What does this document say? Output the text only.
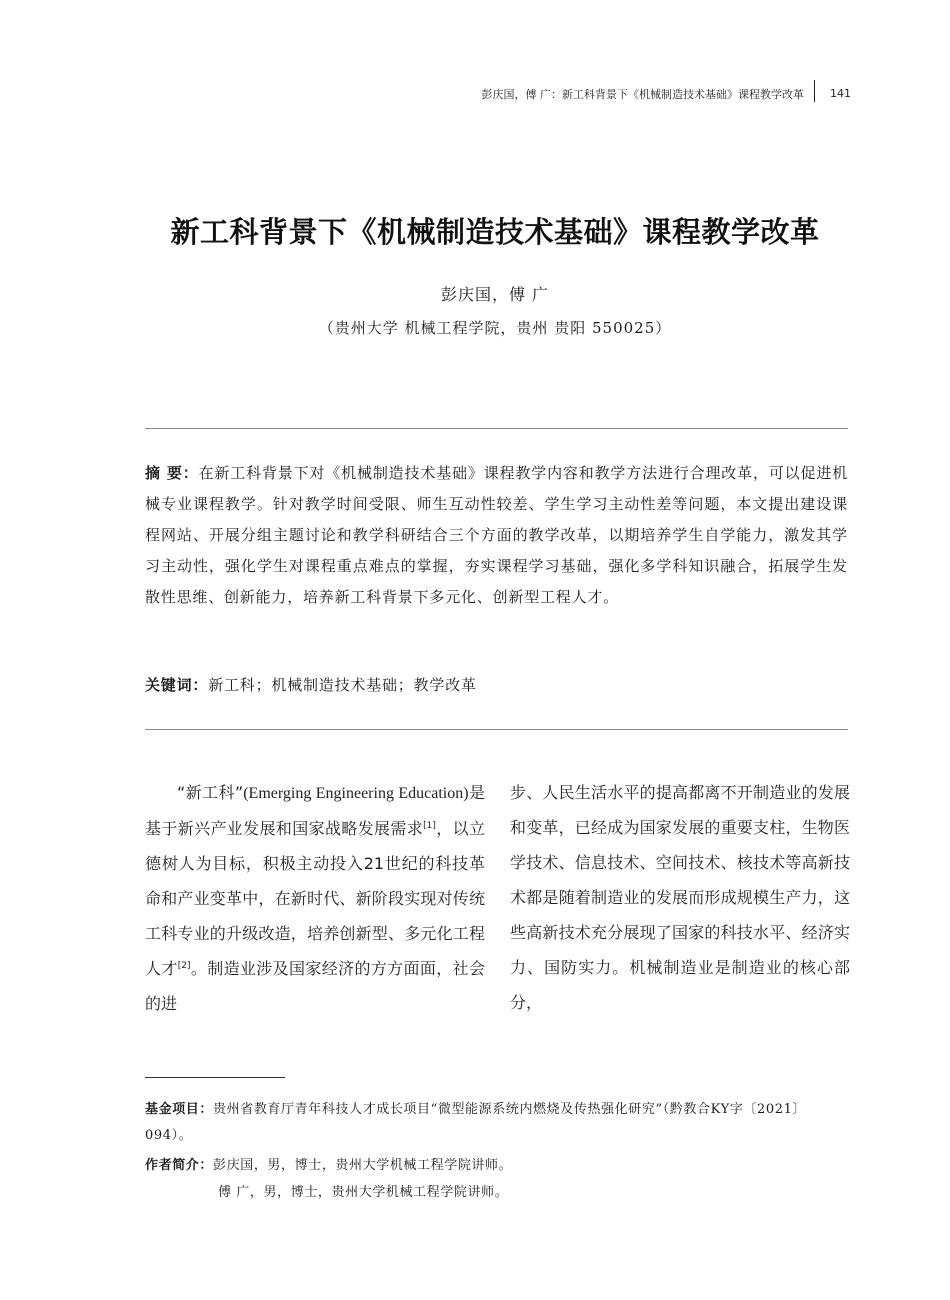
彭庆国，傅 广：新工科背景下《机械制造技术基础》课程教学改革 141
新工科背景下《机械制造技术基础》课程教学改革
彭庆国，傅 广
（贵州大学 机械工程学院，贵州 贵阳 550025）
摘 要：在新工科背景下对《机械制造技术基础》课程教学内容和教学方法进行合理改革，可以促进机械专业课程教学。针对教学时间受限、师生互动性较差、学生学习主动性差等问题，本文提出建设课程网站、开展分组主题讨论和教学科研结合三个方面的教学改革，以期培养学生自学能力，激发其学习主动性，强化学生对课程重点难点的掌握，夯实课程学习基础，强化多学科知识融合，拓展学生发散性思维、创新能力，培养新工科背景下多元化、创新型工程人才。
关键词：新工科；机械制造技术基础；教学改革
“新工科”(Emerging Engineering Education)是基于新兴产业发展和国家战略发展需求[1]，以立德树人为目标，积极主动投入21世纪的科技革命和产业变革中，在新时代、新阶段实现对传统工科专业的升级改造，培养创新型、多元化工程人才[2]。制造业涉及国家经济的方方面面，社会的进
步、人民生活水平的提高都离不开制造业的发展和变革，已经成为国家发展的重要支柱，生物医学技术、信息技术、空间技术、核技术等高新技术都是随着制造业的发展而形成规模生产力，这些高新技术充分展现了国家的科技水平、经济实力、国防实力。机械制造业是制造业的核心部分，
基金项目：贵州省教育厅青年科技人才成长项目“微型能源系统内燃烧及传热强化研究”（黔教合KY字〔2021〕094）。
作者简介：彭庆国，男，博士，贵州大学机械工程学院讲师。
傅 广，男，博士，贵州大学机械工程学院讲师。
